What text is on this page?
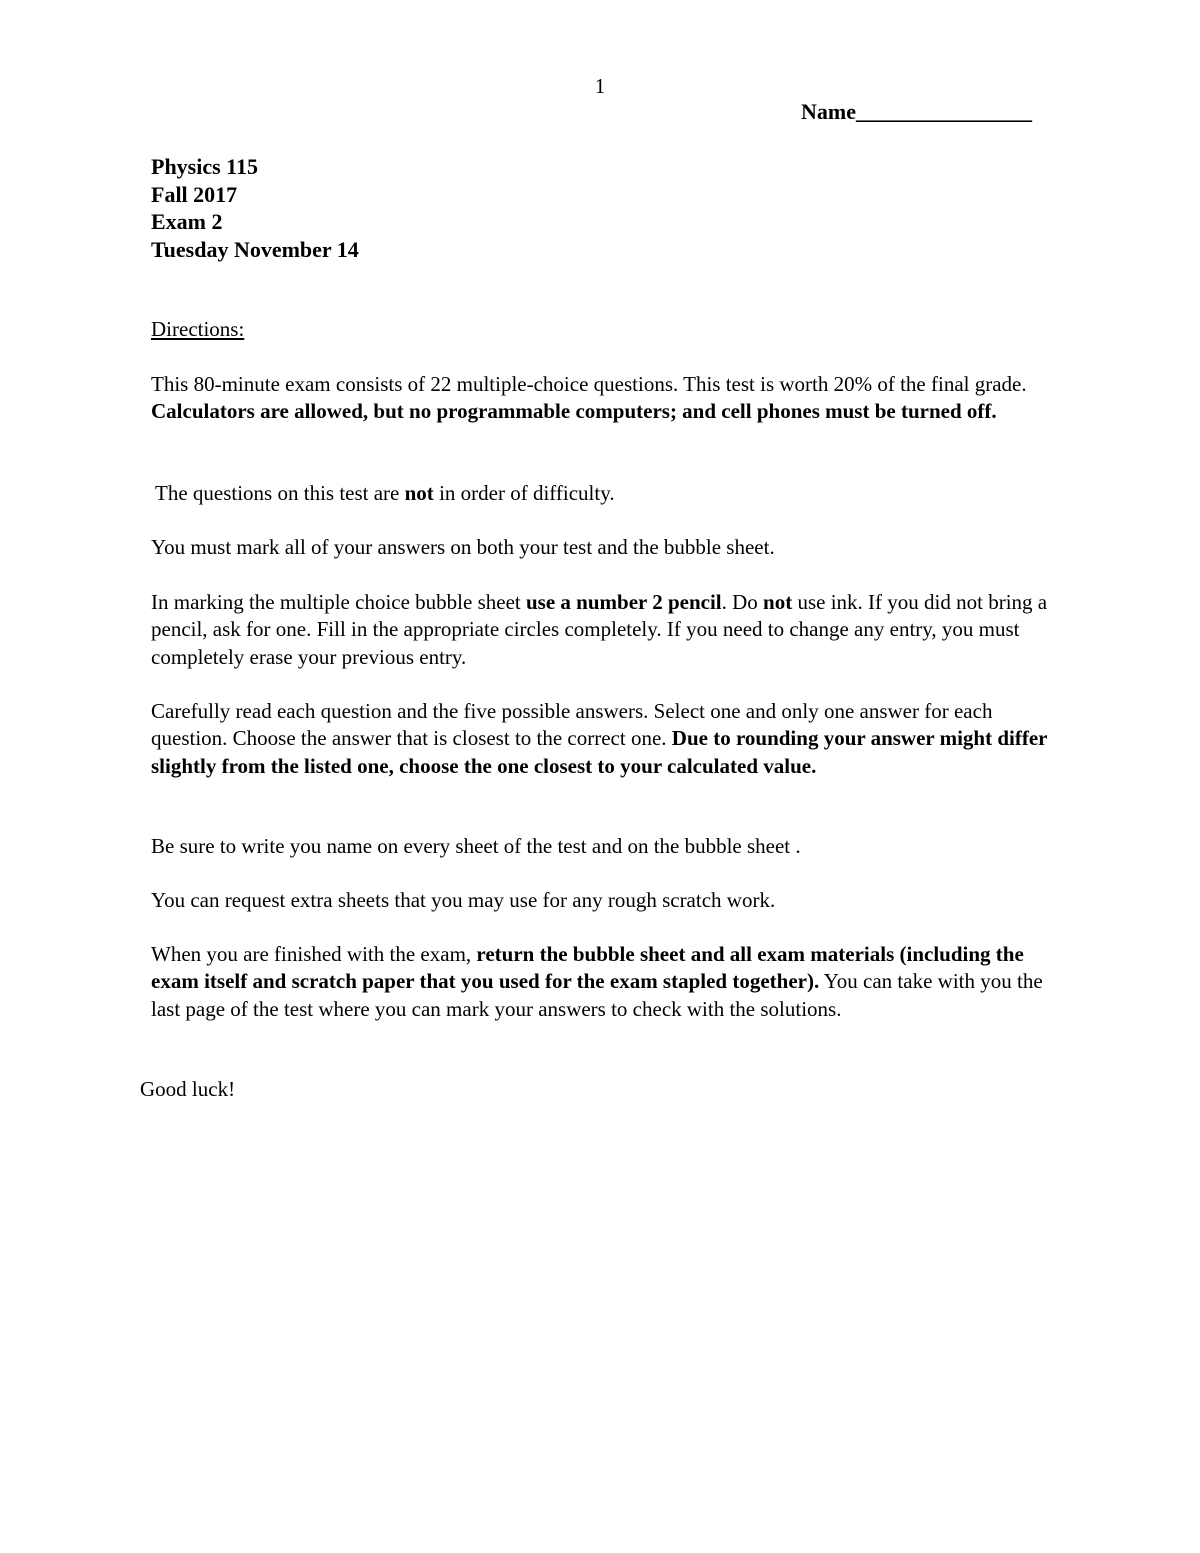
1
Name________________
Physics 115
Fall 2017
Exam 2
Tuesday November 14
Directions:
This 80-minute exam consists of 22 multiple-choice questions. This test is worth 20% of the final grade. Calculators are allowed, but no programmable computers; and cell phones must be turned off.
The questions on this test are not in order of difficulty.
You must mark all of your answers on both your test and the bubble sheet.
In marking the multiple choice bubble sheet use a number 2 pencil. Do not use ink. If you did not bring a pencil, ask for one. Fill in the appropriate circles completely. If you need to change any entry, you must completely erase your previous entry.
Carefully read each question and the five possible answers. Select one and only one answer for each question. Choose the answer that is closest to the correct one. Due to rounding your answer might differ slightly from the listed one, choose the one closest to your calculated value.
Be sure to write you name on every sheet of the test and on the bubble sheet .
You can request extra sheets that you may use for any rough scratch work.
When you are finished with the exam, return the bubble sheet and all exam materials (including the exam itself and scratch paper that you used for the exam stapled together). You can take with you the last page of the test where you can mark your answers to check with the solutions.
Good luck!
